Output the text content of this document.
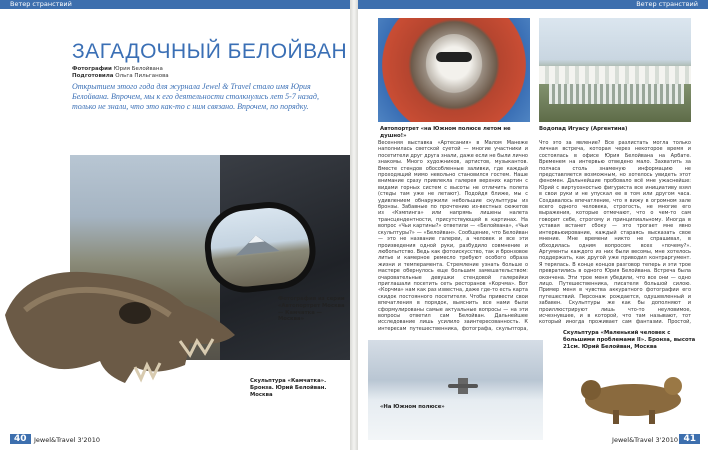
Ветер странствий
ЗАГАДОЧНЫЙ БЕЛОЙВАН
Фотографии Юрия Белойвана
Подготовила Ольга Пильганова
Открытием этого года для журнала Jewel & Travel стало имя Юрия Белойвана. Впрочем, мы к его деятельности столкнулись лет 5-7 назад, только не знали, что это как-то с ним связано. Впрочем, по порядку.
Фотография из серии «Автопортрет Москва — Камчатка — Москва»
Скульптура «Камчатка». Бронза. Юрий Белойван. Москва
40	Jewel&Travel 3'2010
Ветер странствий
Автопортрет «на Южном полюсе летом не душно!»
Водопад Игуасу (Аргентина)
Весенняя выставка «Артесания» в Малом Манеже наполнилась светской суетой — многие участники и посетители друг друга знали, даже если не были лично знакомы. Много художников, артистов, музыкантов. Вместе стендов обособленные заливки, где каждый проходящий мимо невольно становился гостем. Наше внимание сразу привлекла галерея верхних картин с видами горных систем с высоты не отличить полета (стеды там уже не летают). Подойдя ближе, мы с удивлением обнаружили небольшие скульптуры из бронзы. Забавные по прочтению из-вестных сюжетов из «Кэмпинга» или напрямь лишены налета трансцендентности, присутствующей в картинах. На вопрос «Чьи картины?» ответили — «Белойвана», «Чьи скульптуры?» — «Белойван». Сообщение, что Белойван — это не название галереи, а человек и все эти произведения одной руки, разбудило совмнение и любопытство. Ведь как фотоискусство, так и бронзовое литье и камерное ремесло требуют особого образа жизни и темперамента. Стремление узнать больше о мастере обернулось еще большим замешательством: очаровательные девушки стендовой галерейки приглашали посетить сеть ресторанов «Корчма». Вот «Корчма» нам как раз известна, даже где-то есть карта скидок постоянного посетителя. Чтобы привести свои впечатления в порядок, выяснить все нами были сформулированы самые актуальные вопросы — на эти вопросы ответил сам Белойван. Дальнейшее исследование лишь усилило заинтересованность. К интересам путешественника, фотографа, скульптора,
Что это за явление? Все разлистать могла только личная встреча, которая через некоторое время и состоялась в офисе Юрия Белойвана на Арбате. Временем на интервью отведено мало. Захватить за полчаса столь знаменую информацию не представляется возможным, но хотелось увидеть этот феномен. Дальнейшие пробовало всё мне ужаснейше: Юрий с виртуозностью фигуриста все инициативу взял в свои руки и не упускал ее в том или другом часа. Создавалось впечатление, что я вижу в огромном зале всего одного человека, строгость, не многие его выражения, которые отмечают, что о чем-то сам говорит себе, строгому и принципиальному. Иногда в уставая встанет сбоку — это трогает мне явно интервьюирование, каждый стараясь высказать свое мнение. Мне времени никто не спрашивал, в обходилась одним вопросом: всех «почему?». Аргументы каждого из них были весомы, мне хотелось поддержать, как другой уже приводил контраргумент. Я терялась. В конце концов разговор теперь и эти трое превратились в одного Юрия Белойвана. Встреча была окончена. Эти трое меня убедили, что все они — одно лицо. Путешественника, писателя большой силою. Пример меня в чувства аккуратного фотографии его путешествий. Персонаж рождается, одушевленный и забавен. Скульптуры же как бы дополняют и проиллюстрируют лишь что-то неуловимое, исчезнувшее, и в которой, что там называют, тот который иногда проживает сам фантазии. Простой,
«На Южном полюсе»
Скульптура «Маленький человек с большими проблемами II». Бронза, высота 21см. Юрий Белойван, Москва
Jewel&Travel 3'2010 41
